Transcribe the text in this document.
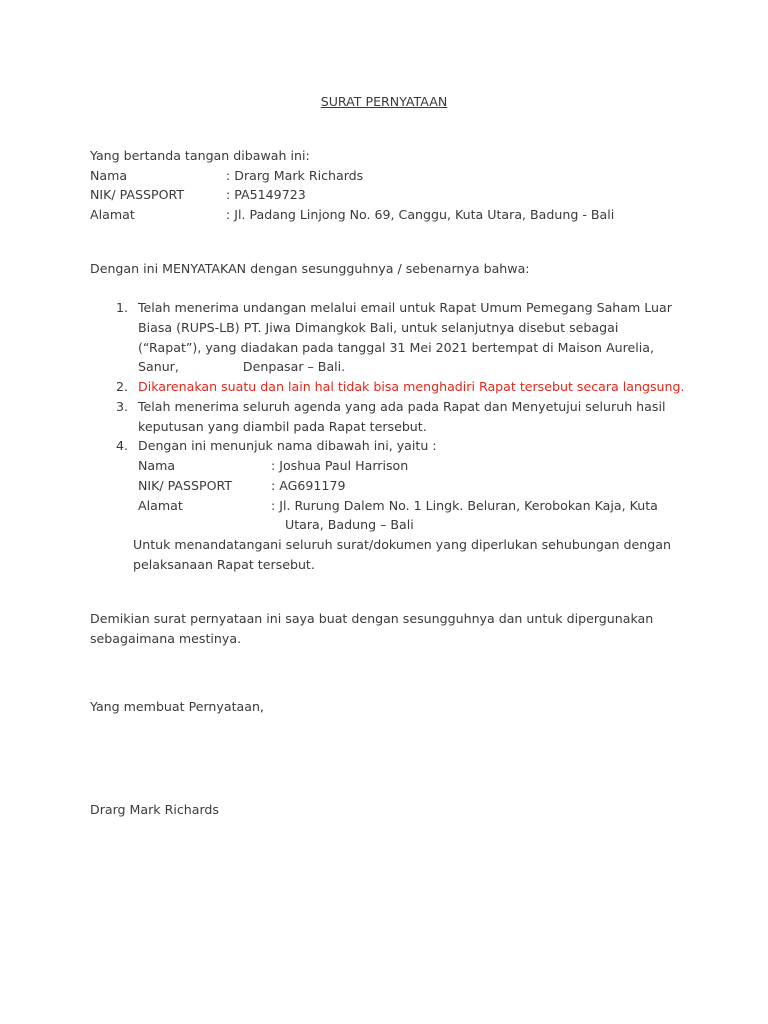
SURAT PERNYATAAN
Yang bertanda tangan dibawah ini:
Nama	: Drarg Mark Richards
NIK/ PASSPORT	: PA5149723
Alamat	: Jl. Padang Linjong No. 69, Canggu, Kuta Utara, Badung - Bali
Dengan ini MENYATAKAN dengan sesungguhnya / sebenarnya bahwa:
1. Telah menerima undangan melalui email untuk Rapat Umum Pemegang Saham Luar
Biasa (RUPS-LB) PT. Jiwa Dimangkok Bali, untuk selanjutnya disebut sebagai
(“Rapat”), yang diadakan pada tanggal 31 Mei 2021 bertempat di Maison Aurelia,
Sanur,                Denpasar – Bali.
2. Dikarenakan suatu dan lain hal tidak bisa menghadiri Rapat tersebut secara langsung.
3. Telah menerima seluruh agenda yang ada pada Rapat dan Menyetujui seluruh hasil
keputusan yang diambil pada Rapat tersebut.
4. Dengan ini menunjuk nama dibawah ini, yaitu :
Nama	: Joshua Paul Harrison
NIK/ PASSPORT	: AG691179
Alamat	: Jl. Rurung Dalem No. 1 Lingk. Beluran, Kerobokan Kaja, Kuta
Utara, Badung – Bali
Untuk menandatangani seluruh surat/dokumen yang diperlukan sehubungan dengan
pelaksanaan Rapat tersebut.
Demikian surat pernyataan ini saya buat dengan sesungguhnya dan untuk dipergunakan
sebagaimana mestinya.
Yang membuat Pernyataan,
Drarg Mark Richards
